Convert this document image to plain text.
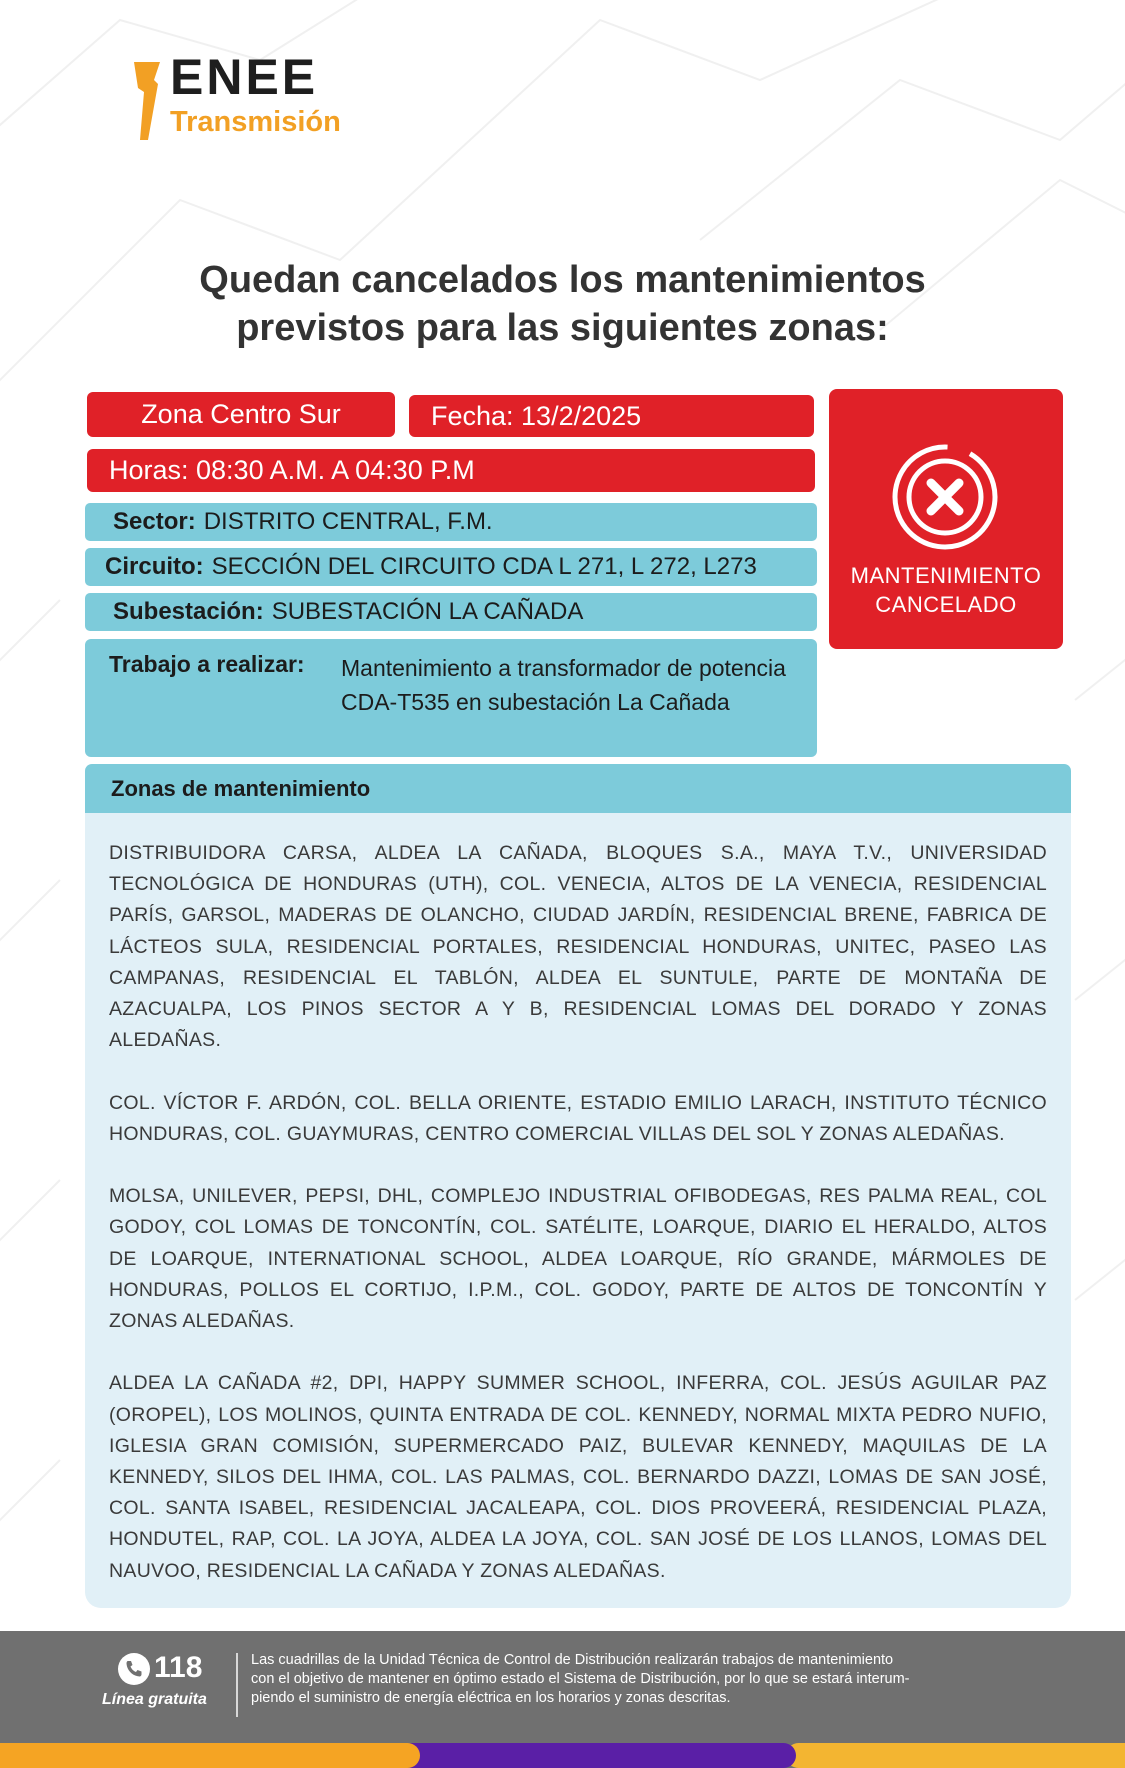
ENEE
Transmisión
Quedan cancelados los mantenimientos
previstos para las siguientes zonas:
Zona Centro Sur	Fecha: 13/2/2025
Horas: 08:30 A.M. A 04:30 P.M
Sector: DISTRITO CENTRAL, F.M.
Circuito: SECCIÓN DEL CIRCUITO CDA L 271, L 272, L273
Subestación: SUBESTACIÓN LA CAÑADA
Trabajo a realizar: Mantenimiento a transformador de potencia CDA-T535 en subestación La Cañada
MANTENIMIENTO
CANCELADO
Zonas de mantenimiento

DISTRIBUIDORA CARSA, ALDEA LA CAÑADA, BLOQUES S.A., MAYA T.V., UNIVERSIDAD TECNOLÓGICA DE HONDURAS (UTH), COL. VENECIA, ALTOS DE LA VENECIA, RESIDENCIAL PARÍS, GARSOL, MADERAS DE OLANCHO, CIUDAD JARDÍN, RESIDENCIAL BRENE, FABRICA DE LÁCTEOS SULA, RESIDENCIAL PORTALES, RESIDENCIAL HONDURAS, UNITEC, PASEO LAS CAMPANAS, RESIDENCIAL EL TABLÓN, ALDEA EL SUNTULE, PARTE DE MONTAÑA DE AZACUALPA, LOS PINOS SECTOR A Y B, RESIDENCIAL LOMAS DEL DORADO Y ZONAS ALEDAÑAS.

COL. VÍCTOR F. ARDÓN, COL. BELLA ORIENTE, ESTADIO EMILIO LARACH, INSTITUTO TÉCNICO HONDURAS, COL. GUAYMURAS, CENTRO COMERCIAL VILLAS DEL SOL Y ZONAS ALEDAÑAS.

MOLSA, UNILEVER, PEPSI, DHL, COMPLEJO INDUSTRIAL OFIBODEGAS, RES PALMA REAL, COL GODOY, COL LOMAS DE TONCONTÍN, COL. SATÉLITE, LOARQUE, DIARIO EL HERALDO, ALTOS DE LOARQUE, INTERNATIONAL SCHOOL, ALDEA LOARQUE, RÍO GRANDE, MÁRMOLES DE HONDURAS, POLLOS EL CORTIJO, I.P.M., COL. GODOY, PARTE DE ALTOS DE TONCONTÍN Y ZONAS ALEDAÑAS.

ALDEA LA CAÑADA #2, DPI, HAPPY SUMMER SCHOOL, INFERRA, COL. JESÚS AGUILAR PAZ (OROPEL), LOS MOLINOS, QUINTA ENTRADA DE COL. KENNEDY, NORMAL MIXTA PEDRO NUFIO, IGLESIA GRAN COMISIÓN, SUPERMERCADO PAIZ, BULEVAR KENNEDY, MAQUILAS DE LA KENNEDY, SILOS DEL IHMA, COL. LAS PALMAS, COL. BERNARDO DAZZI, LOMAS DE SAN JOSÉ, COL. SANTA ISABEL, RESIDENCIAL JACALEAPA, COL. DIOS PROVEERÁ, RESIDENCIAL PLAZA, HONDUTEL, RAP, COL. LA JOYA, ALDEA LA JOYA, COL. SAN JOSÉ DE LOS LLANOS, LOMAS DEL NAUVOO, RESIDENCIAL LA CAÑADA Y ZONAS ALEDAÑAS.

118
Línea gratuita
Las cuadrillas de la Unidad Técnica de Control de Distribución realizarán trabajos de mantenimiento
con el objetivo de mantener en óptimo estado el Sistema de Distribución, por lo que se estará interum-
piendo el suministro de energía eléctrica en los horarios y zonas descritas.
